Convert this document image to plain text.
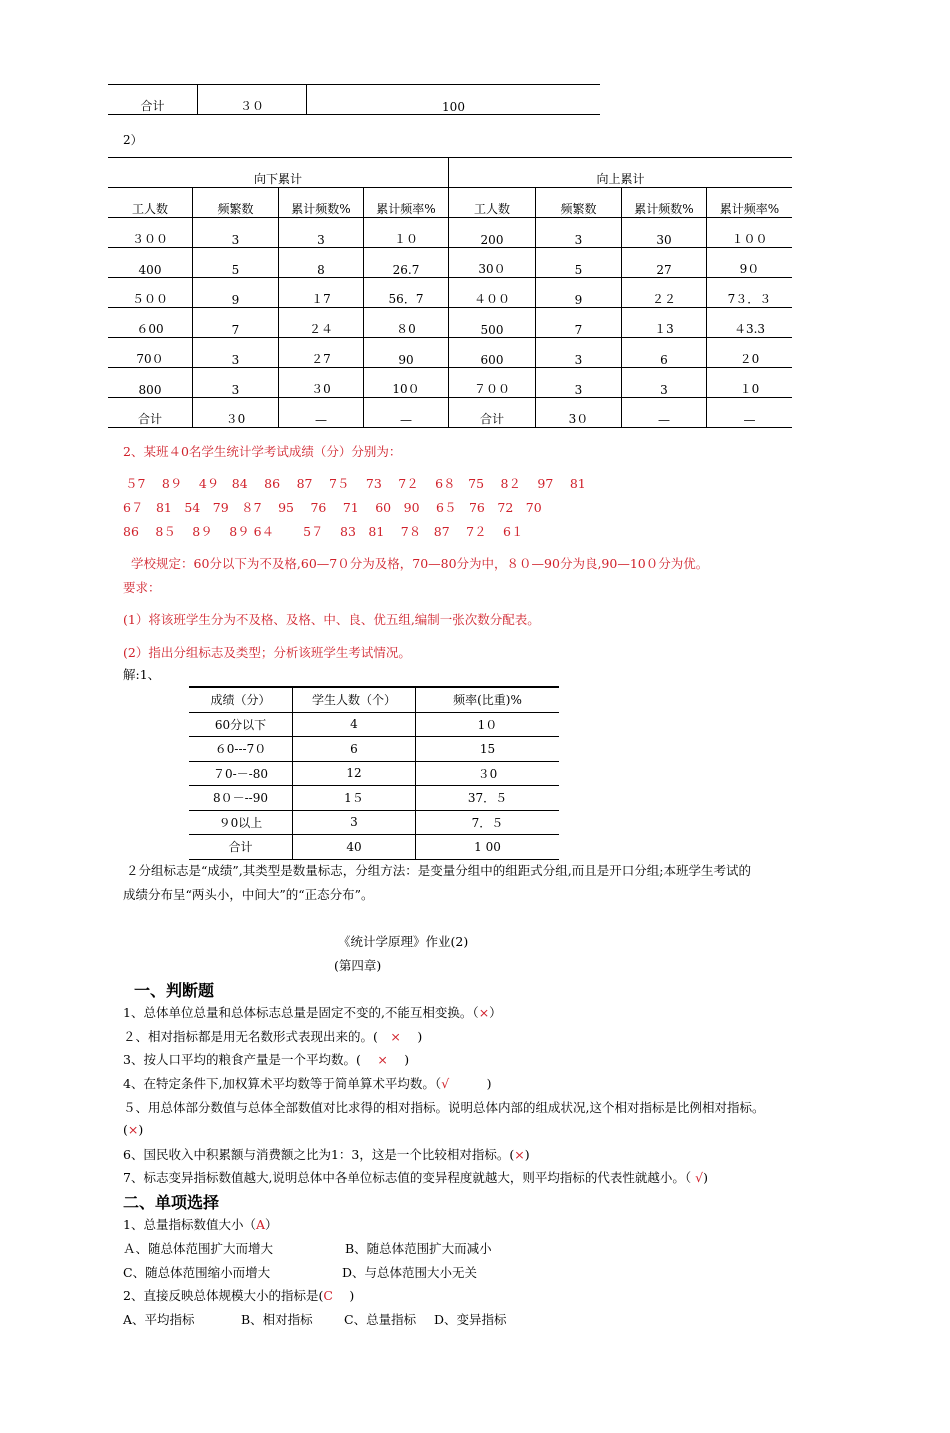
合计	３０	100
2）
向下累计				向上累计			
工人数	频繁数	累计频数%	累计频率%	工人数	频繁数	累计频数%	累计频率%
３００	3	3	１０	200	3	30	１００
400	5	8	26.7	30０	5	27	9０
５００	9	１7	56．7	４００	9	２２	7３．３
６00	7	２４	８0	500	7	１3	４3.3
70０	3	２7	90	600	3	6	２0
800	3	３0	10０	７００	3	3	１0
合计	３0	—	—	合计	3０	—	—
2、某班４0名学生统计学考试成绩（分）分别为：
５7　 8９　 4９　84　 86　 87　 7５　 73　 7２　 6８　75　 8２　 97　 81
6７　81　54　79　８7　 95　 76　 71　 60　90　 6５　76　72　70
86　 8５　 8９　 8９ 6４　 　5７　 83　81　 7８　87　 7２　 6１
学校规定：60分以下为不及格,60—7０分为及格，70—80分为中，８０—90分为良,90—10０分为优。
要求：
(1）将该班学生分为不及格、及格、中、良、优五组,编制一张次数分配表。
(2）指出分组标志及类型；分析该班学生考试情况。
解:1、
成绩（分）	学生人数（个）	频率(比重)%
60分以下	4	1０
６0---7０	6	15
７0-－-80	12	３0
8０－--90	1５	37．５
９0以上	3	7．５
合计	40	1 00
２分组标志是“成绩”,其类型是数量标志，分组方法：是变量分组中的组距式分组,而且是开口分组;本班学生考试的
成绩分布呈“两头小，中间大”的“正态分布”。
《统计学原理》作业(2)
(第四章)
一、判断题
1、总体单位总量和总体标志总量是固定不变的,不能互相变换。（×）
２、相对指标都是用无名数形式表现出来的。(　×　 )
3、按人口平均的粮食产量是一个平均数。(　 ×　 )
4、在特定条件下,加权算术平均数等于简单算术平均数。（√　　　)
５、用总体部分数值与总体全部数值对比求得的相对指标。说明总体内部的组成状况,这个相对指标是比例相对指标。
(×)
6、国民收入中积累额与消费额之比为1：3，这是一个比较相对指标。(×)
7、标志变异指标数值越大,说明总体中各单位标志值的变异程度就越大，则平均指标的代表性就越小。（ √)
二、单项选择
1、总量指标数值大小（A）
Ａ、随总体范围扩大而增大	B、随总体范围扩大而减小
C、随总体范围缩小而增大	D、与总体范围大小无关
2、直接反映总体规模大小的指标是(C　 )
A、平均指标	B、相对指标	C、总量指标 D、变异指标
